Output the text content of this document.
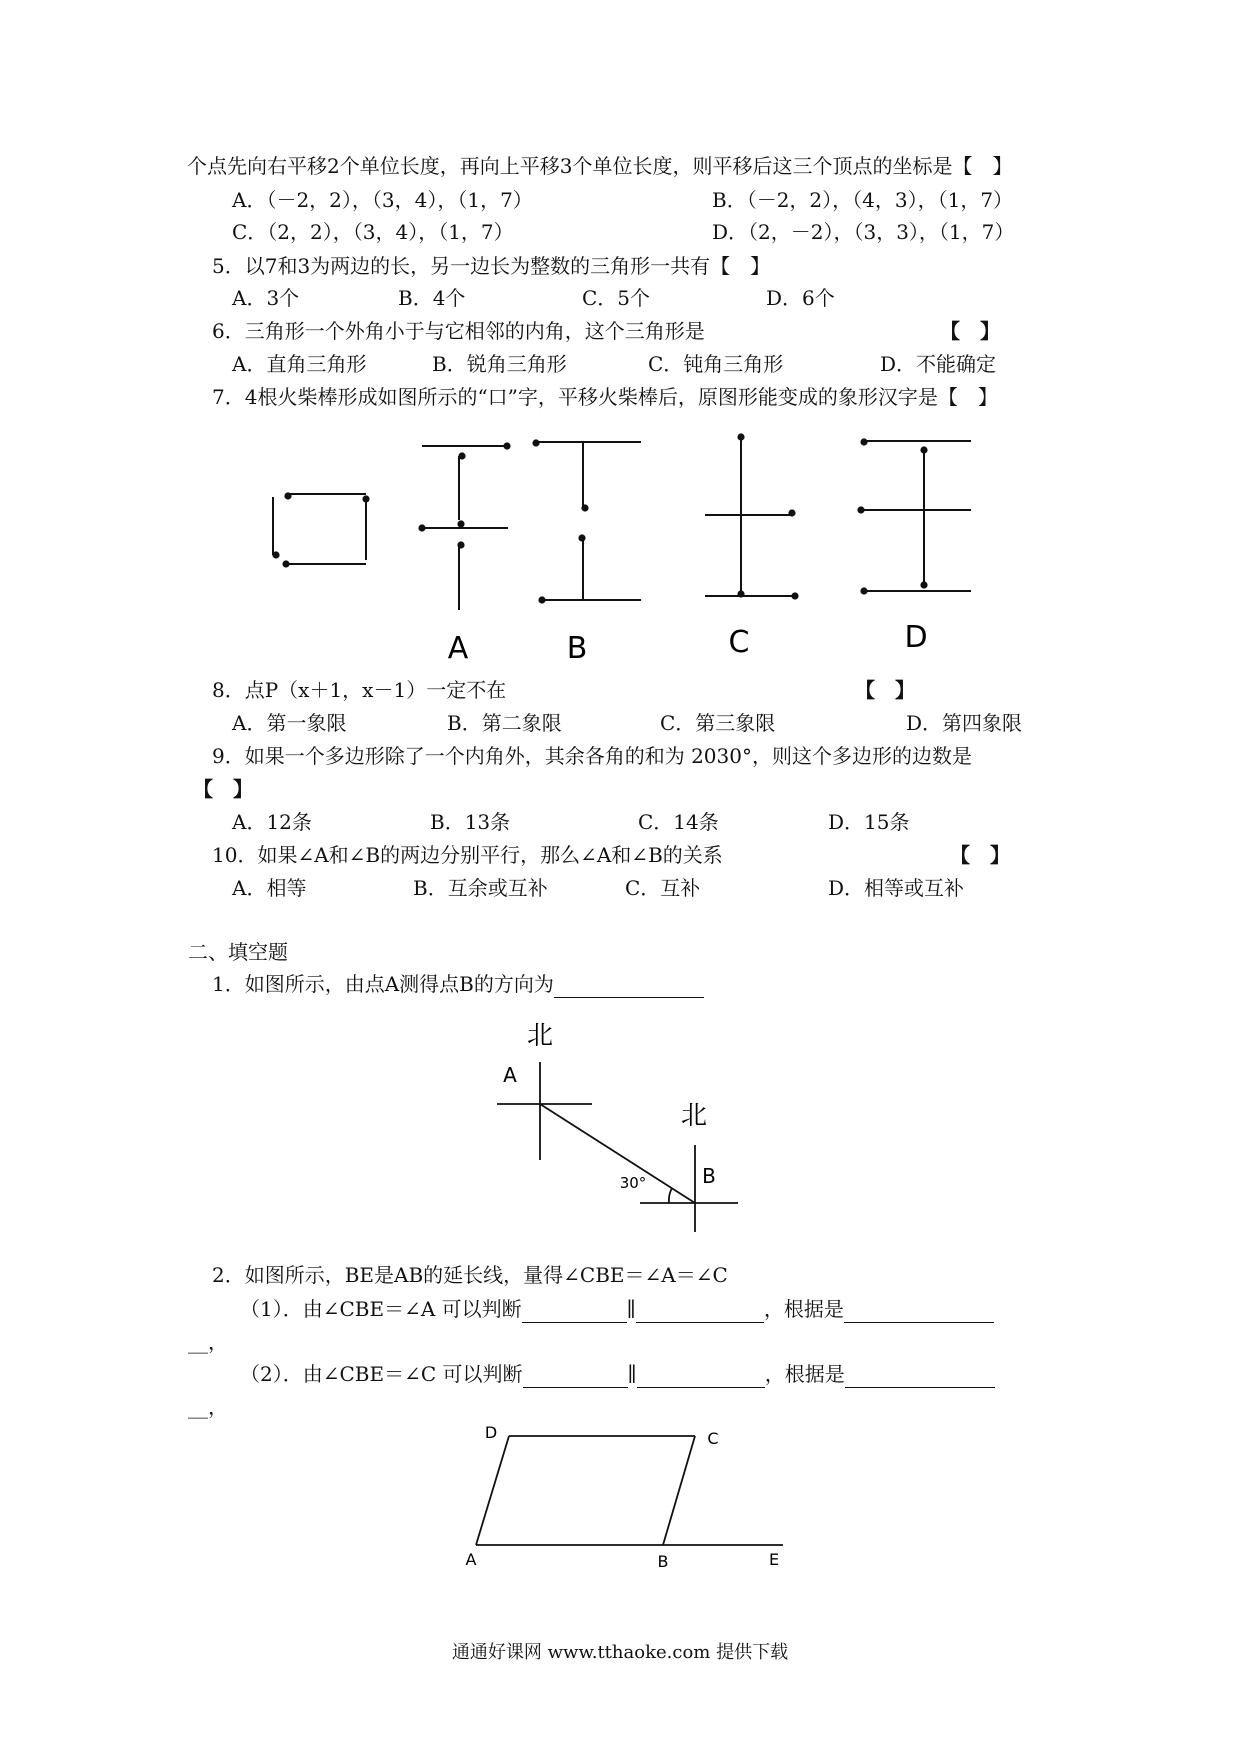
个点先向右平移2个单位长度，再向上平移3个单位长度，则平移后这三个顶点的坐标是【　】
A．（－2，2），（3，4），（1，7）	B．（－2，2），（4，3），（1，7）
C．（2，2），（3，4），（1，7）	D．（2，－2），（3，3），（1，7）
5．以7和3为两边的长，另一边长为整数的三角形一共有【　】
A．3个	B．4个	C．5个	D．6个
6．三角形一个外角小于与它相邻的内角，这个三角形是	【　】
A．直角三角形	B．锐角三角形	C．钝角三角形	D．不能确定
7．4根火柴棒形成如图所示的“口”字，平移火柴棒后，原图形能变成的象形汉字是【　】
A	B	C	D
8．点P（x＋1，x－1）一定不在	【　】
A．第一象限	B．第二象限	C．第三象限	D．第四象限
9．如果一个多边形除了一个内角外，其余各角的和为 2030°，则这个多边形的边数是
【　】
A．12条	B．13条	C．14条	D．15条
10．如果∠A和∠B的两边分别平行，那么∠A和∠B的关系	【　】
A．相等	B．互余或互补	C．互补	D．相等或互补
二、填空题
1．如图所示，由点A测得点B的方向为
北
A
北
B
30°
2．如图所示，BE是AB的延长线，量得∠CBE＝∠A＝∠C
（1）．由∠CBE＝∠A 可以判断	∥	，根据是
__，
（2）．由∠CBE＝∠C 可以判断	∥	，根据是
__，
D	C
A	B	E
通通好课网 www.tthaoke.com 提供下载
